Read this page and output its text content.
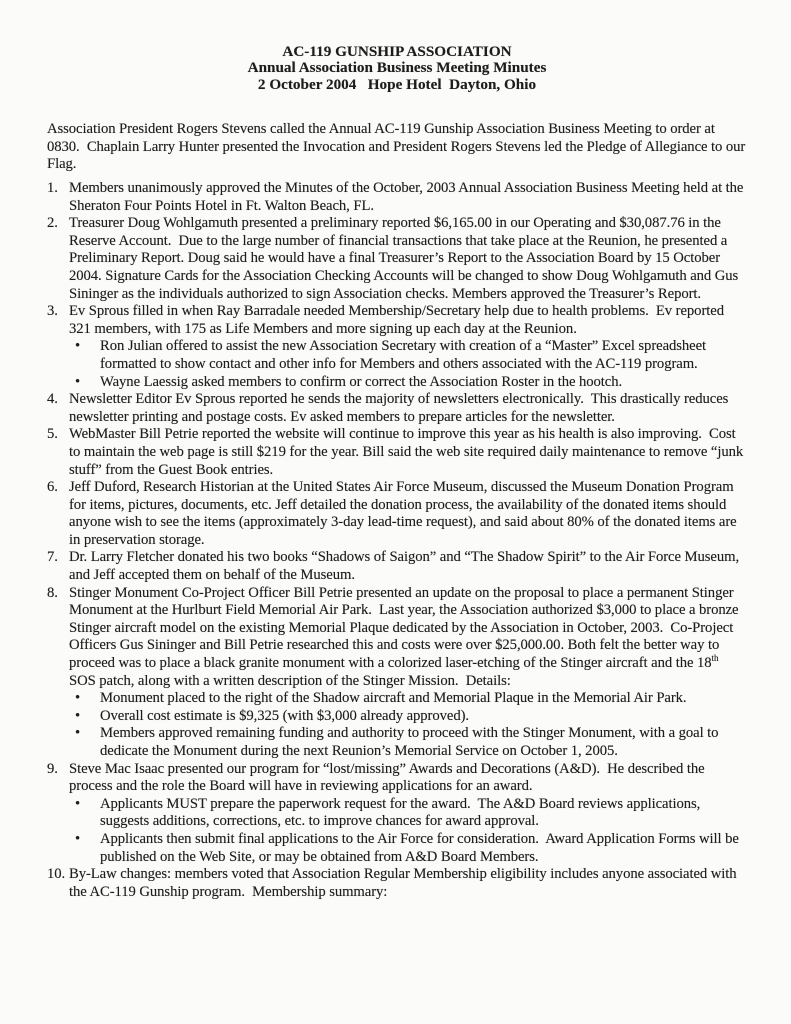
AC-119 GUNSHIP ASSOCIATION
Annual Association Business Meeting Minutes
2 October 2004   Hope Hotel  Dayton, Ohio
Association President Rogers Stevens called the Annual AC-119 Gunship Association Business Meeting to order at 0830.  Chaplain Larry Hunter presented the Invocation and President Rogers Stevens led the Pledge of Allegiance to our Flag.
1. Members unanimously approved the Minutes of the October, 2003 Annual Association Business Meeting held at the Sheraton Four Points Hotel in Ft. Walton Beach, FL.
2. Treasurer Doug Wohlgamuth presented a preliminary reported $6,165.00 in our Operating and $30,087.76 in the Reserve Account.  Due to the large number of financial transactions that take place at the Reunion, he presented a Preliminary Report. Doug said he would have a final Treasurer’s Report to the Association Board by 15 October 2004. Signature Cards for the Association Checking Accounts will be changed to show Doug Wohlgamuth and Gus Sininger as the individuals authorized to sign Association checks. Members approved the Treasurer’s Report.
3. Ev Sprous filled in when Ray Barradale needed Membership/Secretary help due to health problems.  Ev reported 321 members, with 175 as Life Members and more signing up each day at the Reunion.
•	Ron Julian offered to assist the new Association Secretary with creation of a “Master” Excel spreadsheet formatted to show contact and other info for Members and others associated with the AC-119 program.
•	Wayne Laessig asked members to confirm or correct the Association Roster in the hootch.
4. Newsletter Editor Ev Sprous reported he sends the majority of newsletters electronically.  This drastically reduces newsletter printing and postage costs. Ev asked members to prepare articles for the newsletter.
5. WebMaster Bill Petrie reported the website will continue to improve this year as his health is also improving.  Cost to maintain the web page is still $219 for the year. Bill said the web site required daily maintenance to remove “junk stuff” from the Guest Book entries.
6. Jeff Duford, Research Historian at the United States Air Force Museum, discussed the Museum Donation Program for items, pictures, documents, etc. Jeff detailed the donation process, the availability of the donated items should anyone wish to see the items (approximately 3-day lead-time request), and said about 80% of the donated items are in preservation storage.
7. Dr. Larry Fletcher donated his two books “Shadows of Saigon” and “The Shadow Spirit” to the Air Force Museum, and Jeff accepted them on behalf of the Museum.
8. Stinger Monument Co-Project Officer Bill Petrie presented an update on the proposal to place a permanent Stinger Monument at the Hurlburt Field Memorial Air Park.  Last year, the Association authorized $3,000 to place a bronze Stinger aircraft model on the existing Memorial Plaque dedicated by the Association in October, 2003.  Co-Project Officers Gus Sininger and Bill Petrie researched this and costs were over $25,000.00. Both felt the better way to proceed was to place a black granite monument with a colorized laser-etching of the Stinger aircraft and the 18th SOS patch, along with a written description of the Stinger Mission.  Details:
•	Monument placed to the right of the Shadow aircraft and Memorial Plaque in the Memorial Air Park.
•	Overall cost estimate is $9,325 (with $3,000 already approved).
•	Members approved remaining funding and authority to proceed with the Stinger Monument, with a goal to dedicate the Monument during the next Reunion’s Memorial Service on October 1, 2005.
9. Steve Mac Isaac presented our program for “lost/missing” Awards and Decorations (A&D).  He described the process and the role the Board will have in reviewing applications for an award.
•	Applicants MUST prepare the paperwork request for the award.  The A&D Board reviews applications, suggests additions, corrections, etc. to improve chances for award approval.
•	Applicants then submit final applications to the Air Force for consideration.  Award Application Forms will be published on the Web Site, or may be obtained from A&D Board Members.
10. By-Law changes: members voted that Association Regular Membership eligibility includes anyone associated with the AC-119 Gunship program.  Membership summary:
